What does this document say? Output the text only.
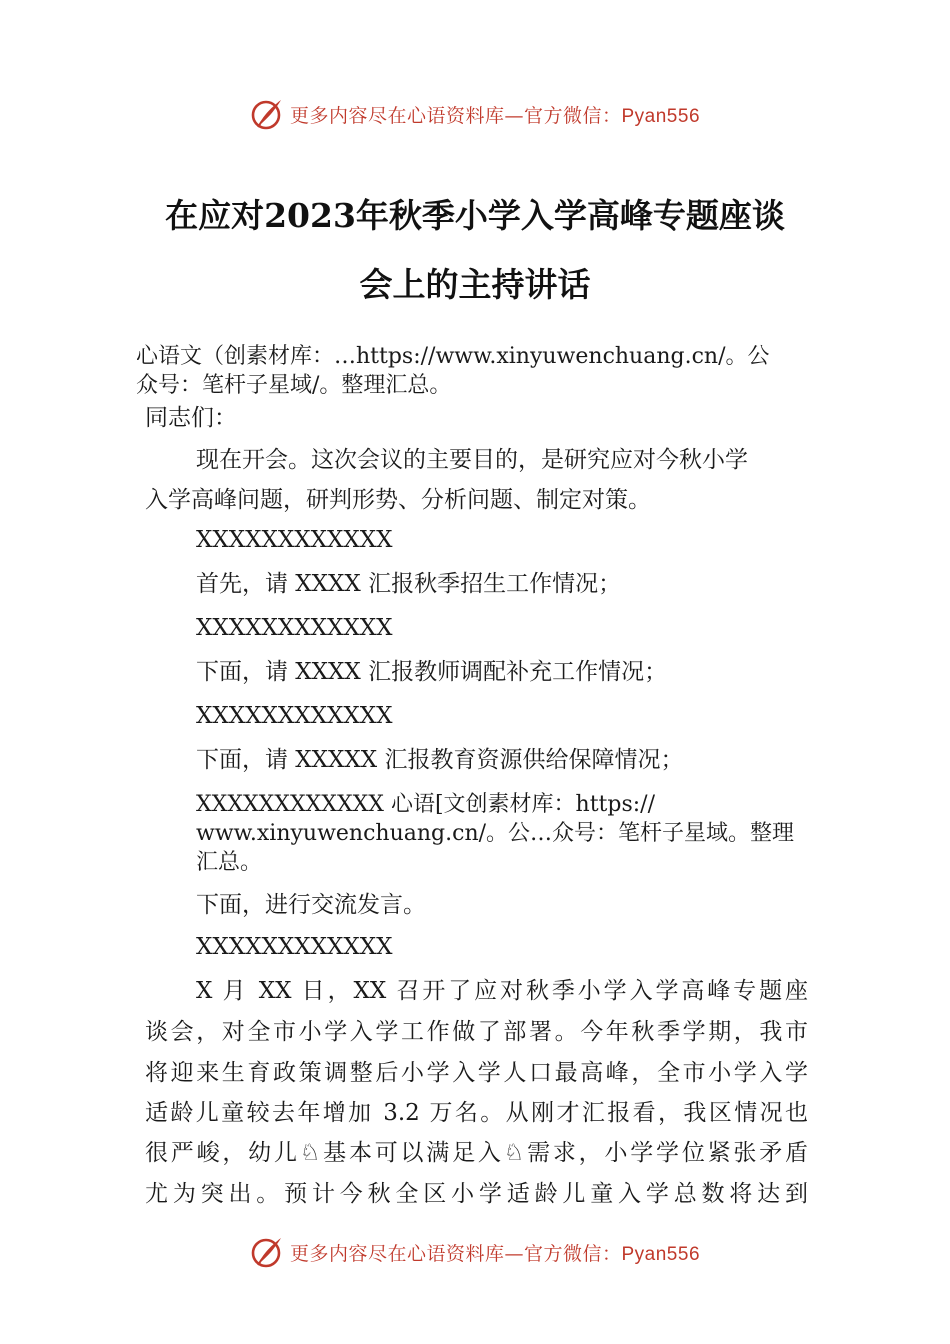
更多内容尽在心语资料库—官方微信：Pyan556
在应对2023年秋季小学入学高峰专题座谈
会上的主持讲话

心语文（创素材库：…https://www.xinyuwenchuang.cn/。公

众号：笔杆子星域/。整理汇总。

同志们：

现在开会。这次会议的主要目的，是研究应对今秋小学

入学高峰问题，研判形势、分析问题、制定对策。

XXXXXXXXXXXX

首先，请 XXXX 汇报秋季招生工作情况；

XXXXXXXXXXXX

下面，请 XXXX 汇报教师调配补充工作情况；

XXXXXXXXXXXX

下面，请 XXXXX 汇报教育资源供给保障情况；

XXXXXXXXXXXX 心语[文创素材库：https://

www.xinyuwenchuang.cn/。公…众号：笔杆子星域。整理

汇总。

下面，进行交流发言。

XXXXXXXXXXXX

X 月 XX 日，XX 召开了应对秋季小学入学高峰专题座

谈会，对全市小学入学工作做了部署。今年秋季学期，我市

将迎来生育政策调整后小学入学人口最高峰，全市小学入学

适龄儿童较去年增加 3.2 万名。从刚才汇报看，我区情况也

很严峻，幼儿♘基本可以满足入♘需求，小学学位紧张矛盾

尤为突出。预计今秋全区小学适龄儿童入学总数将达到

更多内容尽在心语资料库—官方微信：Pyan556
